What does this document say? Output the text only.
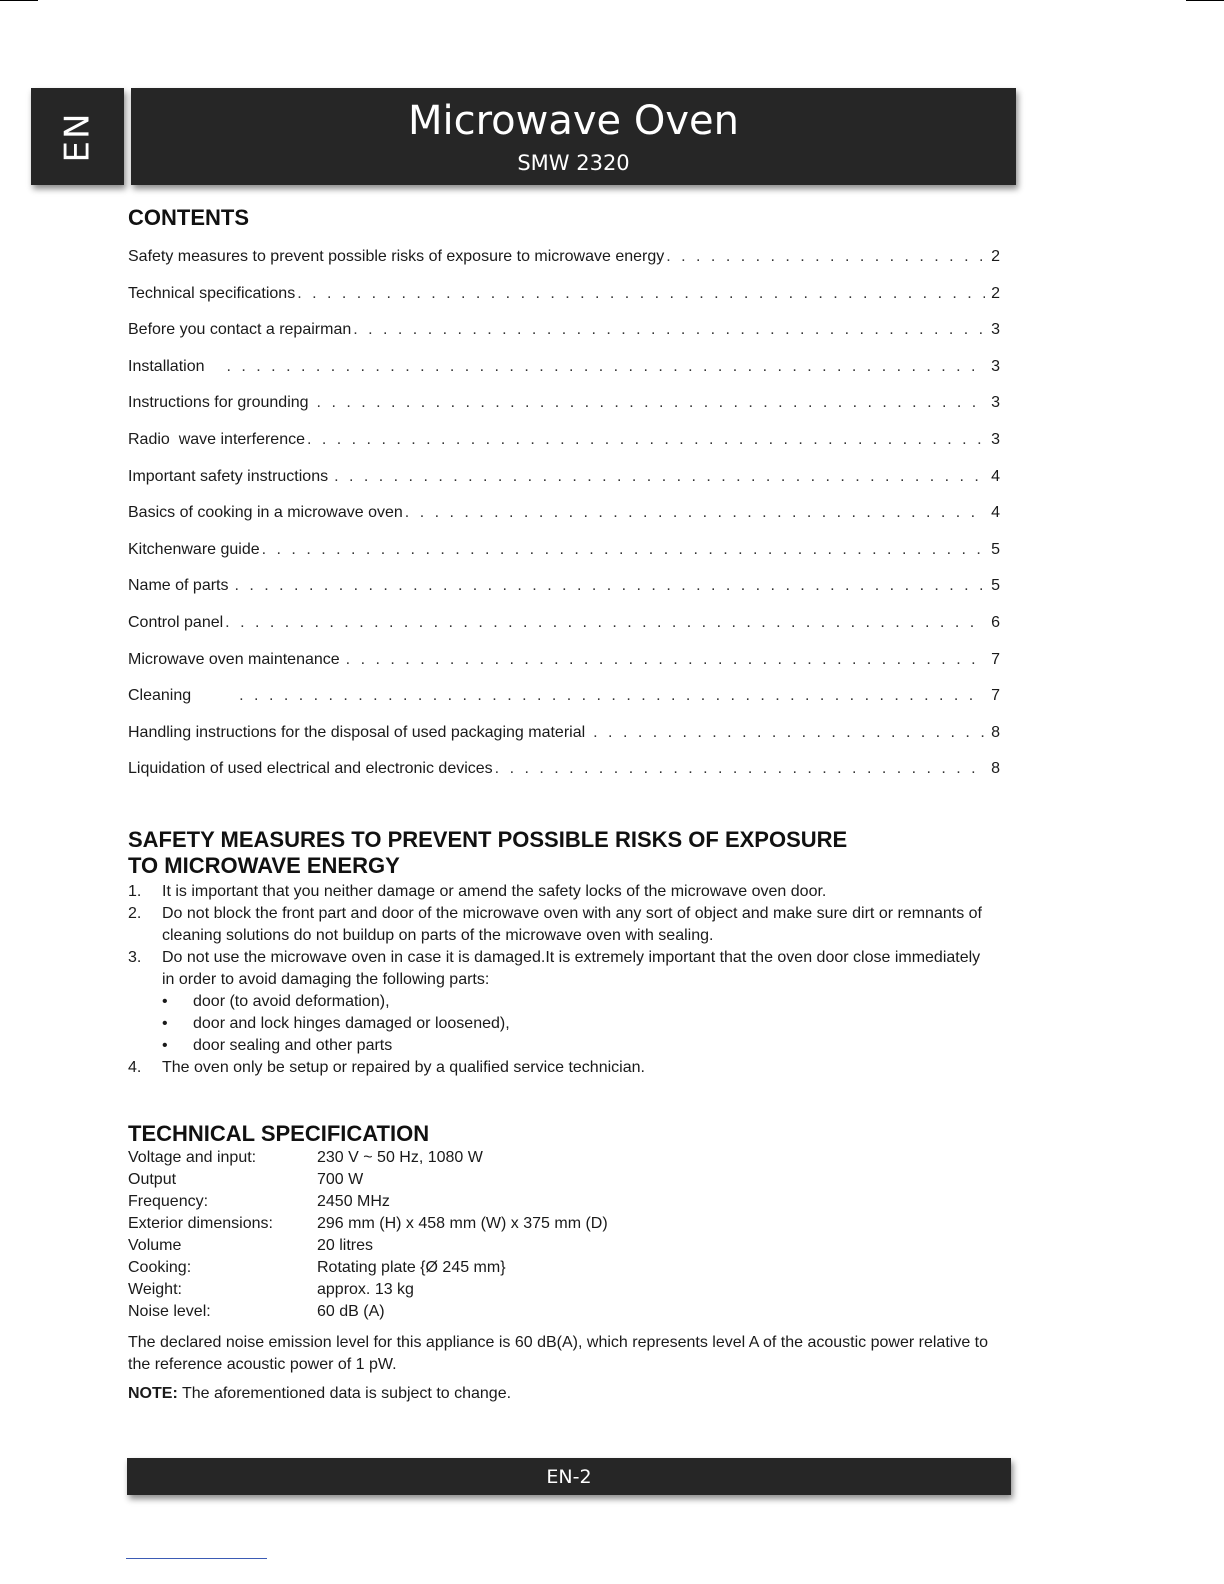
EN	Microwave Oven
SMW 2320
CONTENTS
Safety measures to prevent possible risks of exposure to microwave energy . . .	2
Technical specifications . . .	2
Before you contact a repairman . . .	3
Installation . . .	3
Instructions for grounding . . .	3
Radio  wave interference . . .	3
Important safety instructions . . .	4
Basics of cooking in a microwave oven . . .	4
Kitchenware guide . . .	5
Name of parts . . .	5
Control panel . . .	6
Microwave oven maintenance . . .	7
Cleaning . . .	7
Handling instructions for the disposal of used packaging material . . .	8
Liquidation of used electrical and electronic devices . . .	8
SAFETY MEASURES TO PREVENT POSSIBLE RISKS OF EXPOSURE
TO MICROWAVE ENERGY
1.	It is important that you neither damage or amend the safety locks of the microwave oven door.
2.	Do not block the front part and door of the microwave oven with any sort of object and make sure dirt or remnants of cleaning solutions do not buildup on parts of the microwave oven with sealing.
3.	Do not use the microwave oven in case it is damaged.It is extremely important that the oven door close immediately in order to avoid damaging the following parts:
•	door (to avoid deformation),
•	door and lock hinges damaged or loosened),
•	door sealing and other parts
4.	The oven only be setup or repaired by a qualified service technician.
TECHNICAL SPECIFICATION
Voltage and input:	230 V ~ 50 Hz, 1080 W
Output	700 W
Frequency:	2450 MHz
Exterior dimensions:	296 mm (H) x 458 mm (W) x 375 mm (D)
Volume	20 litres
Cooking:	Rotating plate {Ø 245 mm}
Weight:	approx. 13 kg
Noise level:	60 dB (A)
The declared noise emission level for this appliance is 60 dB(A), which represents level A of the acoustic power relative to the reference acoustic power of 1 pW.
NOTE: The aforementioned data is subject to change.
EN-2
